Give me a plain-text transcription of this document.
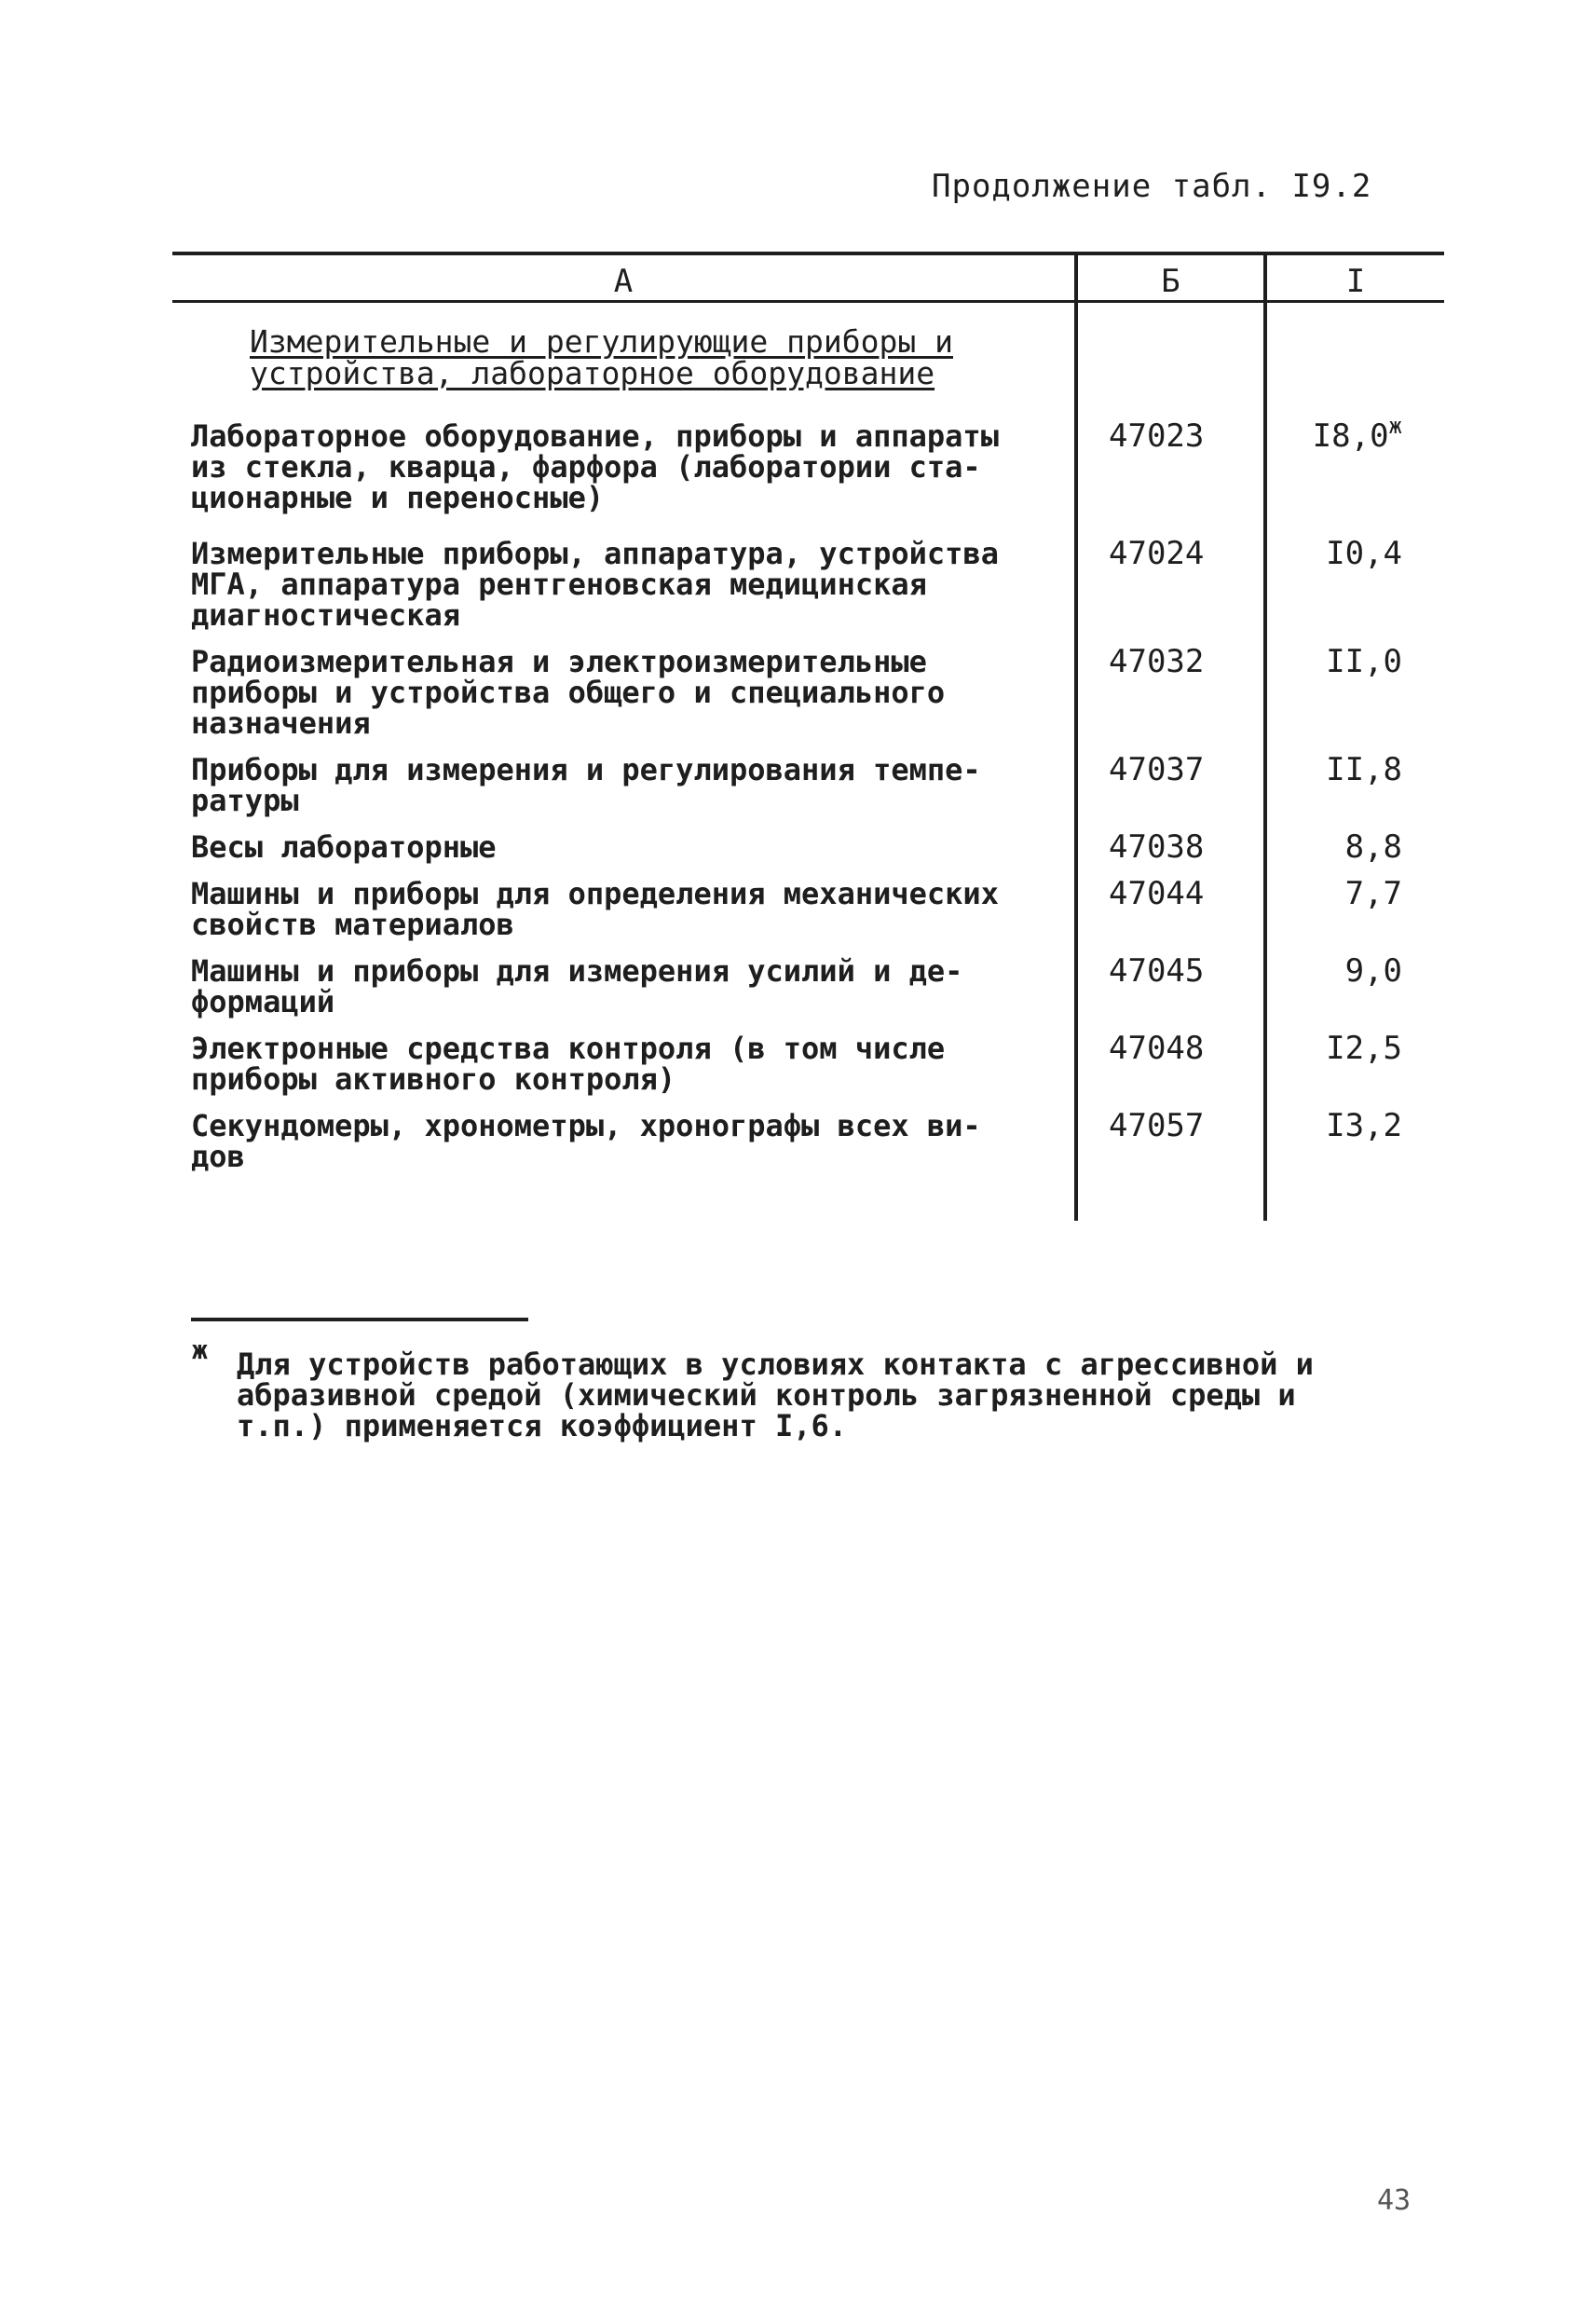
Продолжение табл. I9.2
А	Б	I
Измерительные и регулирующие приборы и
устройства, лабораторное оборудование
Лабораторное оборудование, приборы и аппараты
из стекла, кварца, фарфора (лаборатории ста-
ционарные и переносные)
47023	$I8,0^ж$
Измерительные приборы, аппаратура, устройства
МГА, аппаратура рентгеновская медицинская
диагностическая
47024	I0,4
Радиоизмерительная и электроизмерительные
приборы и устройства общего и специального
назначения
47032	II,0
Приборы для измерения и регулирования темпе-
ратуры
47037	II,8
Весы лабораторные	47038	8,8
Машины и приборы для определения механических
свойств материалов
47044	7,7
Машины и приборы для измерения усилий и де-
формаций
47045	9,0
Электронные средства контроля (в том числе
приборы активного контроля)
47048	I2,5
Секундомеры, хронометры, хронографы всех ви-
дов
47057	I3,2
ж Для устройств работающих в условиях контакта с агрессивной и
абразивной средой (химический контроль загрязненной среды и
т.п.) применяется коэффициент I,6.
43
